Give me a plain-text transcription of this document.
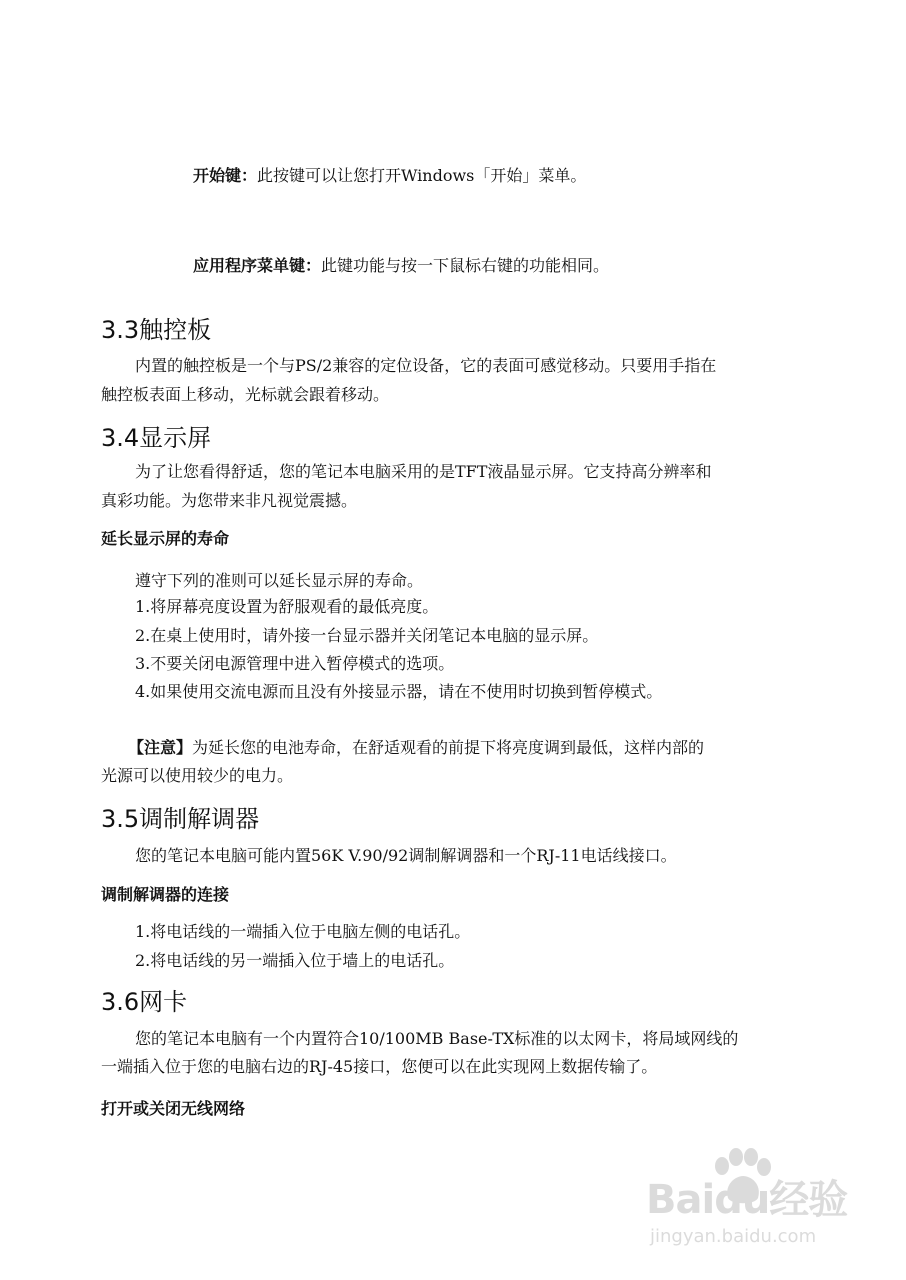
开始键：此按键可以让您打开Windows「开始」菜单。
应用程序菜单键：此键功能与按一下鼠标右键的功能相同。
3.3触控板
内置的触控板是一个与PS/2兼容的定位设备，它的表面可感觉移动。只要用手指在
触控板表面上移动，光标就会跟着移动。
3.4显示屏
为了让您看得舒适，您的笔记本电脑采用的是TFT液晶显示屏。它支持高分辨率和
真彩功能。为您带来非凡视觉震撼。
延长显示屏的寿命
遵守下列的准则可以延长显示屏的寿命。
1.将屏幕亮度设置为舒服观看的最低亮度。
2.在桌上使用时，请外接一台显示器并关闭笔记本电脑的显示屏。
3.不要关闭电源管理中进入暂停模式的选项。
4.如果使用交流电源而且没有外接显示器，请在不使用时切换到暂停模式。
【注意】为延长您的电池寿命，在舒适观看的前提下将亮度调到最低，这样内部的
光源可以使用较少的电力。
3.5调制解调器
您的笔记本电脑可能内置56K V.90/92调制解调器和一个RJ-11电话线接口。
调制解调器的连接
1.将电话线的一端插入位于电脑左侧的电话孔。
2.将电话线的另一端插入位于墙上的电话孔。
3.6网卡
您的笔记本电脑有一个内置符合10/100MB Base-TX标准的以太网卡，将局域网线的
一端插入位于您的电脑右边的RJ-45接口，您便可以在此实现网上数据传输了。
打开或关闭无线网络
Baidu经验
jingyan.baidu.com
